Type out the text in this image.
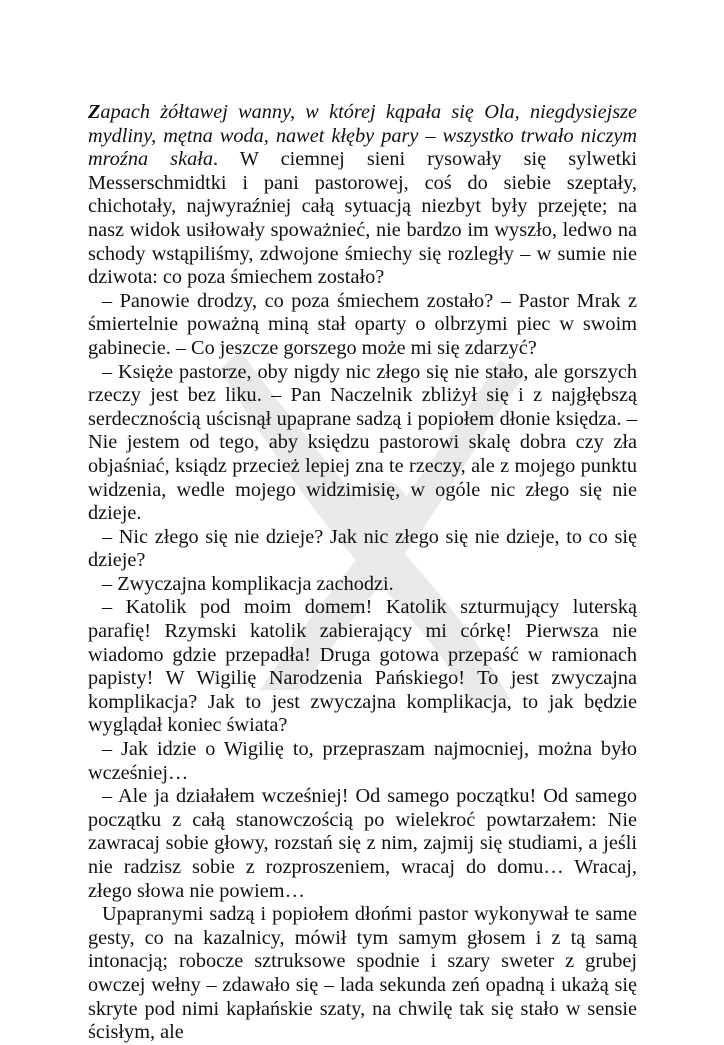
Zapach żółtawej wanny, w której kąpała się Ola, niegdysiejsze mydliny, mętna woda, nawet kłęby pary – wszystko trwało niczym mroźna skała. W ciemnej sieni rysowały się sylwetki Messerschmidtki i pani pastorowej, coś do siebie szeptały, chichotały, najwyraźniej całą sytuacją niezbyt były przejęte; na nasz widok usiłowały spoważnieć, nie bardzo im wyszło, ledwo na schody wstąpiliśmy, zdwojone śmiechy się rozległy – w sumie nie dziwota: co poza śmiechem zostało?

– Panowie drodzy, co poza śmiechem zostało? – Pastor Mrak z śmiertelnie poważną miną stał oparty o olbrzymi piec w swoim gabinecie. – Co jeszcze gorszego może mi się zdarzyć?

– Księże pastorze, oby nigdy nic złego się nie stało, ale gorszych rzeczy jest bez liku. – Pan Naczelnik zbliżył się i z najgłębszą serdecznością uścisnął upaprane sadzą i popiołem dłonie księdza. – Nie jestem od tego, aby księdzu pastorowi skalę dobra czy zła objaśniać, ksiądz przecież lepiej zna te rzeczy, ale z mojego punktu widzenia, wedle mojego widzimisię, w ogóle nic złego się nie dzieje.

– Nic złego się nie dzieje? Jak nic złego się nie dzieje, to co się dzieje?

– Zwyczajna komplikacja zachodzi.

– Katolik pod moim domem! Katolik szturmujący luterską parafię! Rzymski katolik zabierający mi córkę! Pierwsza nie wiadomo gdzie przepadła! Druga gotowa przepaść w ramionach papisty! W Wigilię Narodzenia Pańskiego! To jest zwyczajna komplikacja? Jak to jest zwyczajna komplikacja, to jak będzie wyglądał koniec świata?

– Jak idzie o Wigilię to, przepraszam najmocniej, można było wcześniej…

– Ale ja działałem wcześniej! Od samego początku! Od samego początku z całą stanowczością po wielekroć powtarzałem: Nie zawracaj sobie głowy, rozstań się z nim, zajmij się studiami, a jeśli nie radzisz sobie z rozproszeniem, wracaj do domu… Wracaj, złego słowa nie powiem…

Upapranymi sadzą i popiołem dłońmi pastor wykonywał te same gesty, co na kazalnicy, mówił tym samym głosem i z tą samą intonacją; robocze sztruksowe spodnie i szary sweter z grubej owczej wełny – zdawało się – lada sekunda zeń opadną i ukażą się skryte pod nimi kapłańskie szaty, na chwilę tak się stało w sensie ścisłym, ale
